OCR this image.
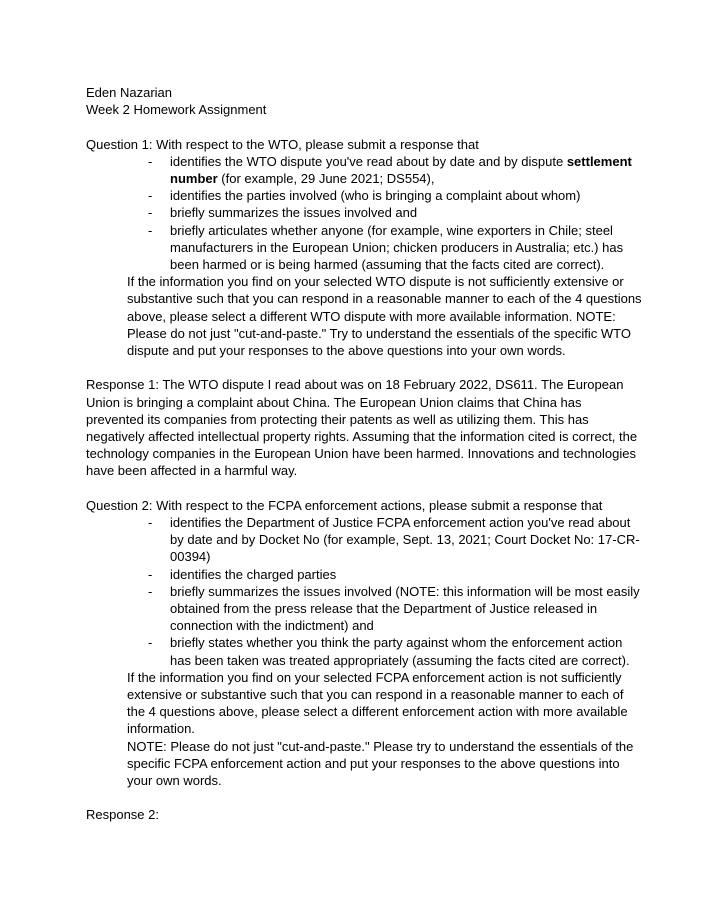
Eden Nazarian
Week 2 Homework Assignment
Question 1: With respect to the WTO, please submit a response that
- identifies the WTO dispute you've read about by date and by dispute settlement number (for example, 29 June 2021; DS554),
- identifies the parties involved (who is bringing a complaint about whom)
- briefly summarizes the issues involved and
- briefly articulates whether anyone (for example, wine exporters in Chile; steel manufacturers in the European Union; chicken producers in Australia; etc.) has been harmed or is being harmed (assuming that the facts cited are correct).

If the information you find on your selected WTO dispute is not sufficiently extensive or substantive such that you can respond in a reasonable manner to each of the 4 questions above, please select a different WTO dispute with more available information. NOTE: Please do not just "cut-and-paste." Try to understand the essentials of the specific WTO dispute and put your responses to the above questions into your own words.

Response 1: The WTO dispute I read about was on 18 February 2022, DS611. The European Union is bringing a complaint about China. The European Union claims that China has prevented its companies from protecting their patents as well as utilizing them. This has negatively affected intellectual property rights. Assuming that the information cited is correct, the technology companies in the European Union have been harmed. Innovations and technologies have been affected in a harmful way.

Question 2: With respect to the FCPA enforcement actions, please submit a response that
- identifies the Department of Justice FCPA enforcement action you've read about by date and by Docket No (for example, Sept. 13, 2021; Court Docket No: 17-CR-00394)
- identifies the charged parties
- briefly summarizes the issues involved (NOTE: this information will be most easily obtained from the press release that the Department of Justice released in connection with the indictment) and
- briefly states whether you think the party against whom the enforcement action has been taken was treated appropriately (assuming the facts cited are correct).

If the information you find on your selected FCPA enforcement action is not sufficiently extensive or substantive such that you can respond in a reasonable manner to each of the 4 questions above, please select a different enforcement action with more available information.

NOTE: Please do not just "cut-and-paste." Please try to understand the essentials of the specific FCPA enforcement action and put your responses to the above questions into your own words.

Response 2:
